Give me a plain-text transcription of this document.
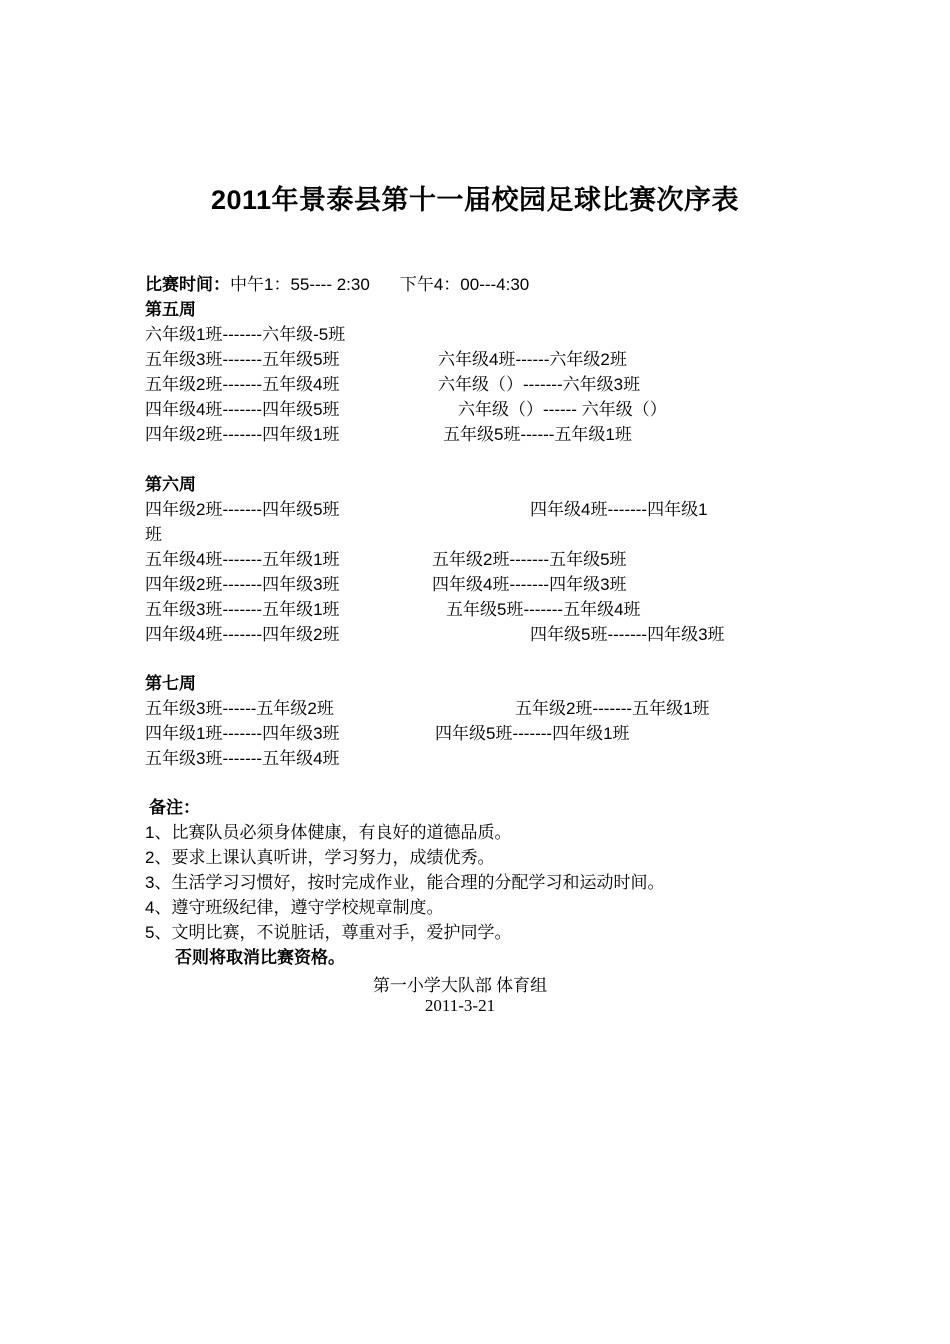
2011年景泰县第十一届校园足球比赛次序表
比赛时间：中午1：55---- 2:30 下午4：00---4:30
第五周
六年级1班-------六年级-5班
五年级3班-------五年级5班	六年级4班------六年级2班
五年级2班-------五年级4班	六年级（）-------六年级3班
四年级4班-------四年级5班	六年级（）------ 六年级（）
四年级2班-------四年级1班	五年级5班------五年级1班
第六周
四年级2班-------四年级5班	四年级4班-------四年级1
班
五年级4班-------五年级1班	五年级2班-------五年级5班
四年级2班-------四年级3班	四年级4班-------四年级3班
五年级3班-------五年级1班	五年级5班-------五年级4班
四年级4班-------四年级2班	四年级5班-------四年级3班
第七周
五年级3班------五年级2班	五年级2班-------五年级1班
四年级1班-------四年级3班	四年级5班-------四年级1班
五年级3班-------五年级4班
备注：
1、比赛队员必须身体健康，有良好的道德品质。
2、要求上课认真听讲，学习努力，成绩优秀。
3、生活学习习惯好，按时完成作业，能合理的分配学习和运动时间。
4、遵守班级纪律，遵守学校规章制度。
5、文明比赛，不说脏话，尊重对手，爱护同学。
否则将取消比赛资格。
第一小学大队部 体育组
2011-3-21
